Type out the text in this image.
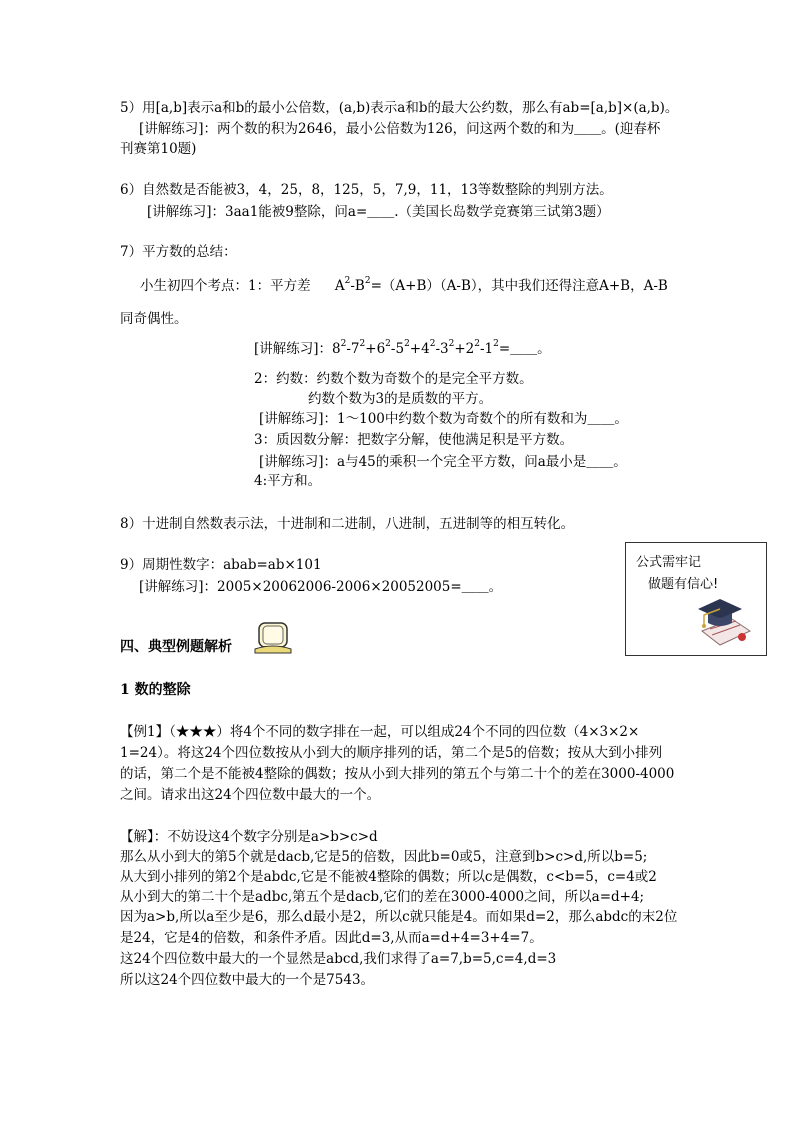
5）用[a,b]表示a和b的最小公倍数，(a,b)表示a和b的最大公约数，那么有ab=[a,b]×(a,b)。
[讲解练习]：两个数的积为2646，最小公倍数为126，问这两个数的和为＿＿。(迎春杯
刊赛第10题)
6）自然数是否能被3，4，25，8，125，5，7,9，11，13等数整除的判别方法。
[讲解练习]：3aa1能被9整除，问a=＿＿.（美国长岛数学竞赛第三试第3题）
7）平方数的总结：
小生初四个考点：1：平方差 $A^2-B^2=(A+B)(A-B)$，其中我们还得注意A+B，A-B
同奇偶性。
[讲解练习]：$8^2-7^2+6^2-5^2+4^2-3^2+2^2-1^2=\_\_$。
2：约数：约数个数为奇数个的是完全平方数。
约数个数为3的是质数的平方。
[讲解练习]：1～100中约数个数为奇数个的所有数和为＿＿。
3：质因数分解：把数字分解，使他满足积是平方数。
[讲解练习]：a与45的乘积一个完全平方数，问a最小是＿＿。
4:平方和。
8）十进制自然数表示法，十进制和二进制，八进制，五进制等的相互转化。
9）周期性数字：abab=ab×101
[讲解练习]：2005×20062006-2006×20052005=＿＿。
公式需牢记
做题有信心!
四、典型例题解析
1 数的整除
【例1】（★★★）将4个不同的数字排在一起，可以组成24个不同的四位数（4×3×2×
1=24）。将这24个四位数按从小到大的顺序排列的话，第二个是5的倍数；按从大到小排列
的话，第二个是不能被4整除的偶数；按从小到大排列的第五个与第二十个的差在3000-4000
之间。请求出这24个四位数中最大的一个。
【解】：不妨设这4个数字分别是a>b>c>d
那么从小到大的第5个就是dacb,它是5的倍数，因此b=0或5，注意到b>c>d,所以b=5;
从大到小排列的第2个是abdc,它是不能被4整除的偶数；所以c是偶数，c<b=5，c=4或2
从小到大的第二十个是adbc,第五个是dacb,它们的差在3000-4000之间，所以a=d+4;
因为a>b,所以a至少是6，那么d最小是2，所以c就只能是4。而如果d=2，那么abdc的末2位
是24，它是4的倍数，和条件矛盾。因此d=3,从而a=d+4=3+4=7。
这24个四位数中最大的一个显然是abcd,我们求得了a=7,b=5,c=4,d=3
所以这24个四位数中最大的一个是7543。
